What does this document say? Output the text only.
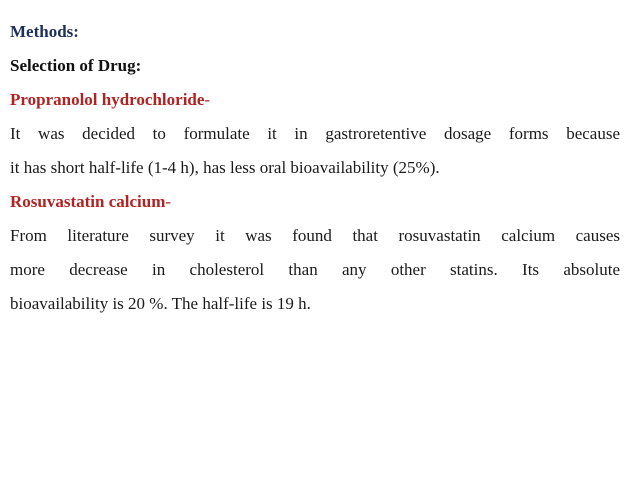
Methods:
Selection of Drug:
Propranolol hydrochloride-
It was decided to formulate it in gastroretentive dosage forms because
it has short half-life (1-4 h), has less oral bioavailability (25%).
Rosuvastatin calcium-
From literature survey it was found that rosuvastatin calcium causes
more decrease in cholesterol than any other statins. Its absolute
bioavailability is 20 %. The half-life is 19 h.
